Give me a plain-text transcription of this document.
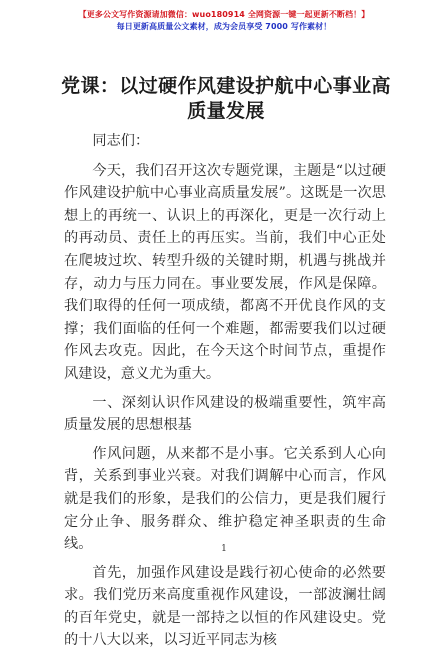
【更多公文写作资源请加微信：wuo180914 全网资源一键一起更新不断档！】
每日更新高质量公文素材，成为会员享受 7000 写作素材！
党课：以过硬作风建设护航中心事业高质量发展

同志们：

今天，我们召开这次专题党课，主题是“以过硬作风建设护航中心事业高质量发展”。这既是一次思想上的再统一、认识上的再深化，更是一次行动上的再动员、责任上的再压实。当前，我们中心正处在爬坡过坎、转型升级的关键时期，机遇与挑战并存，动力与压力同在。事业要发展，作风是保障。我们取得的任何一项成绩，都离不开优良作风的支撑；我们面临的任何一个难题，都需要我们以过硬作风去攻克。因此，在今天这个时间节点，重提作风建设，意义尤为重大。

一、深刻认识作风建设的极端重要性，筑牢高质量发展的思想根基

作风问题，从来都不是小事。它关系到人心向背，关系到事业兴衰。对我们调解中心而言，作风就是我们的形象，是我们的公信力，更是我们履行定分止争、服务群众、维护稳定神圣职责的生命线。

首先，加强作风建设是践行初心使命的必然要求。我们党历来高度重视作风建设，一部波澜壮阔的百年党史，就是一部持之以恒的作风建设史。党的十八大以来，以习近平同志为核

1
